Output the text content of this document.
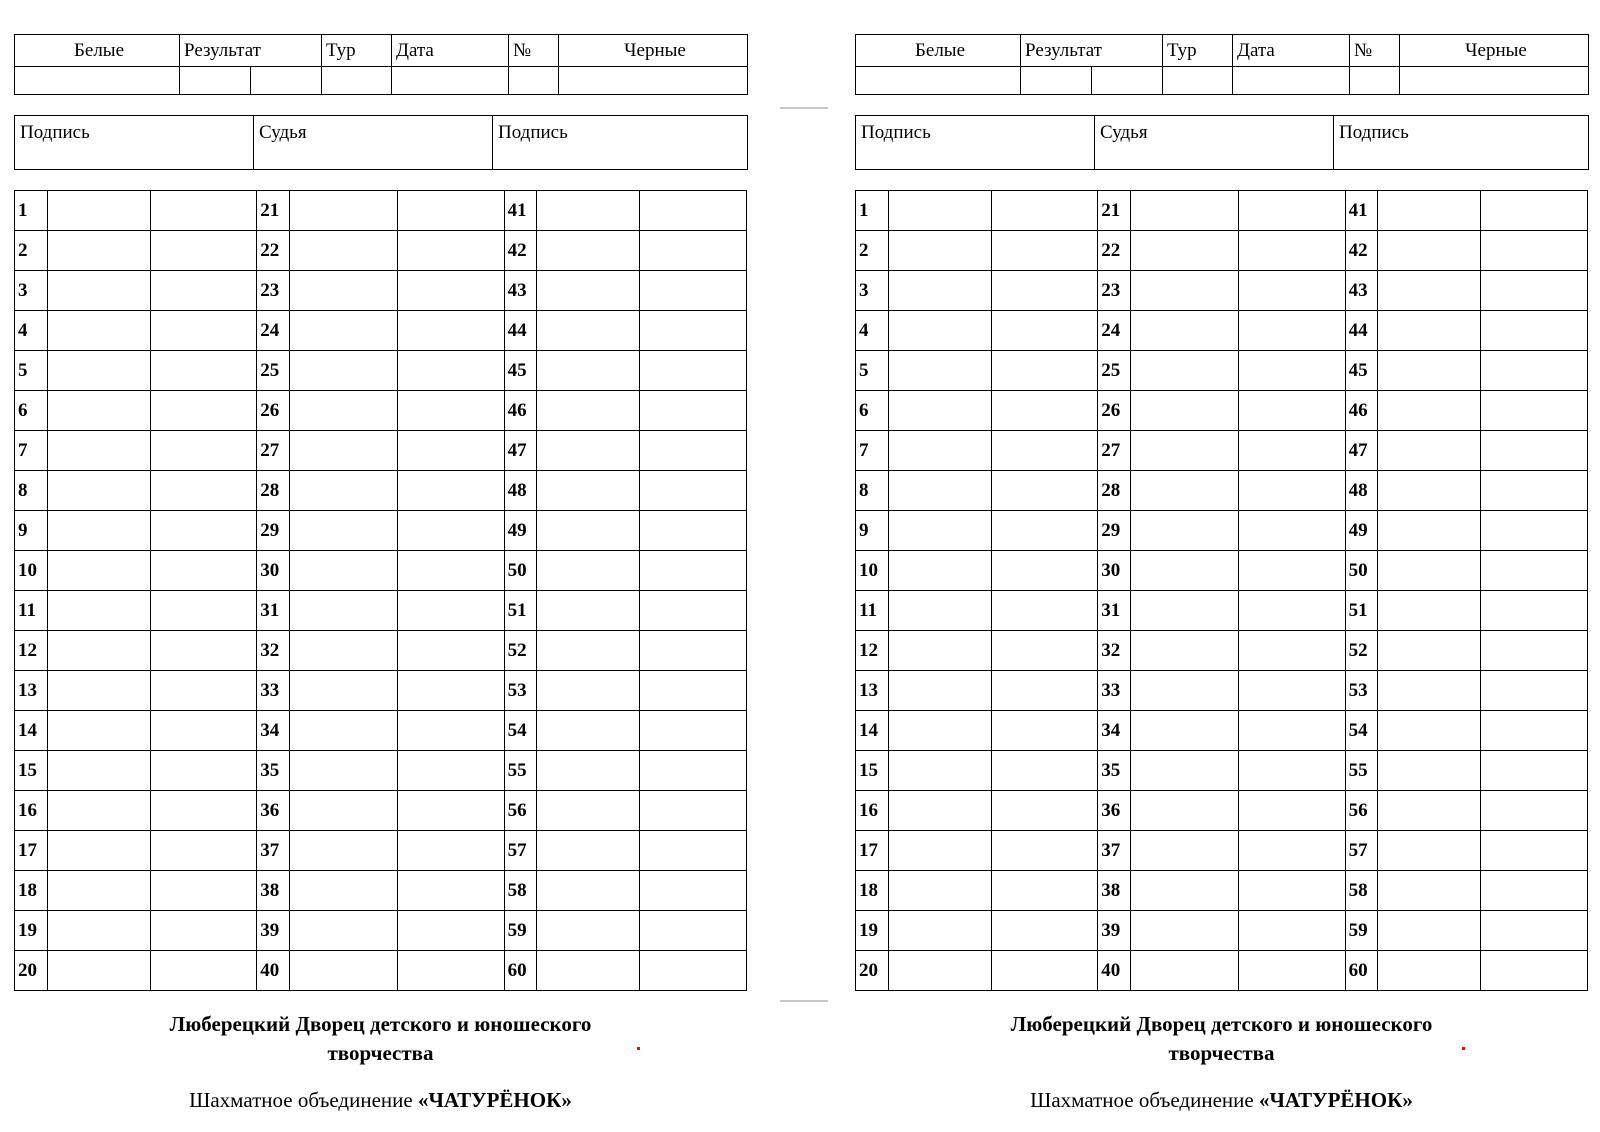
Белые	Результат		Тур	Дата	№	Черные

Подпись	Судья	Подпись
1			21			41		
2			22			42		
3			23			43		
4			24			44		
5			25			45		
6			26			46		
7			27			47		
8			28			48		
9			29			49		
10			30			50		
11			31			51		
12			32			52		
13			33			53		
14			34			54		
15			35			55		
16			36			56		
17			37			57		
18			38			58		
19			39			59		
20			40			60		
Люберецкий Дворец детского и юношеского творчества
Шахматное объединение «ЧАТУРЁНОК»
Белые	Результат		Тур	Дата	№	Черные

Подпись	Судья	Подпись
1			21			41		
2			22			42		
3			23			43		
4			24			44		
5			25			45		
6			26			46		
7			27			47		
8			28			48		
9			29			49		
10			30			50		
11			31			51		
12			32			52		
13			33			53		
14			34			54		
15			35			55		
16			36			56		
17			37			57		
18			38			58		
19			39			59		
20			40			60		
Люберецкий Дворец детского и юношеского творчества
Шахматное объединение «ЧАТУРЁНОК»
